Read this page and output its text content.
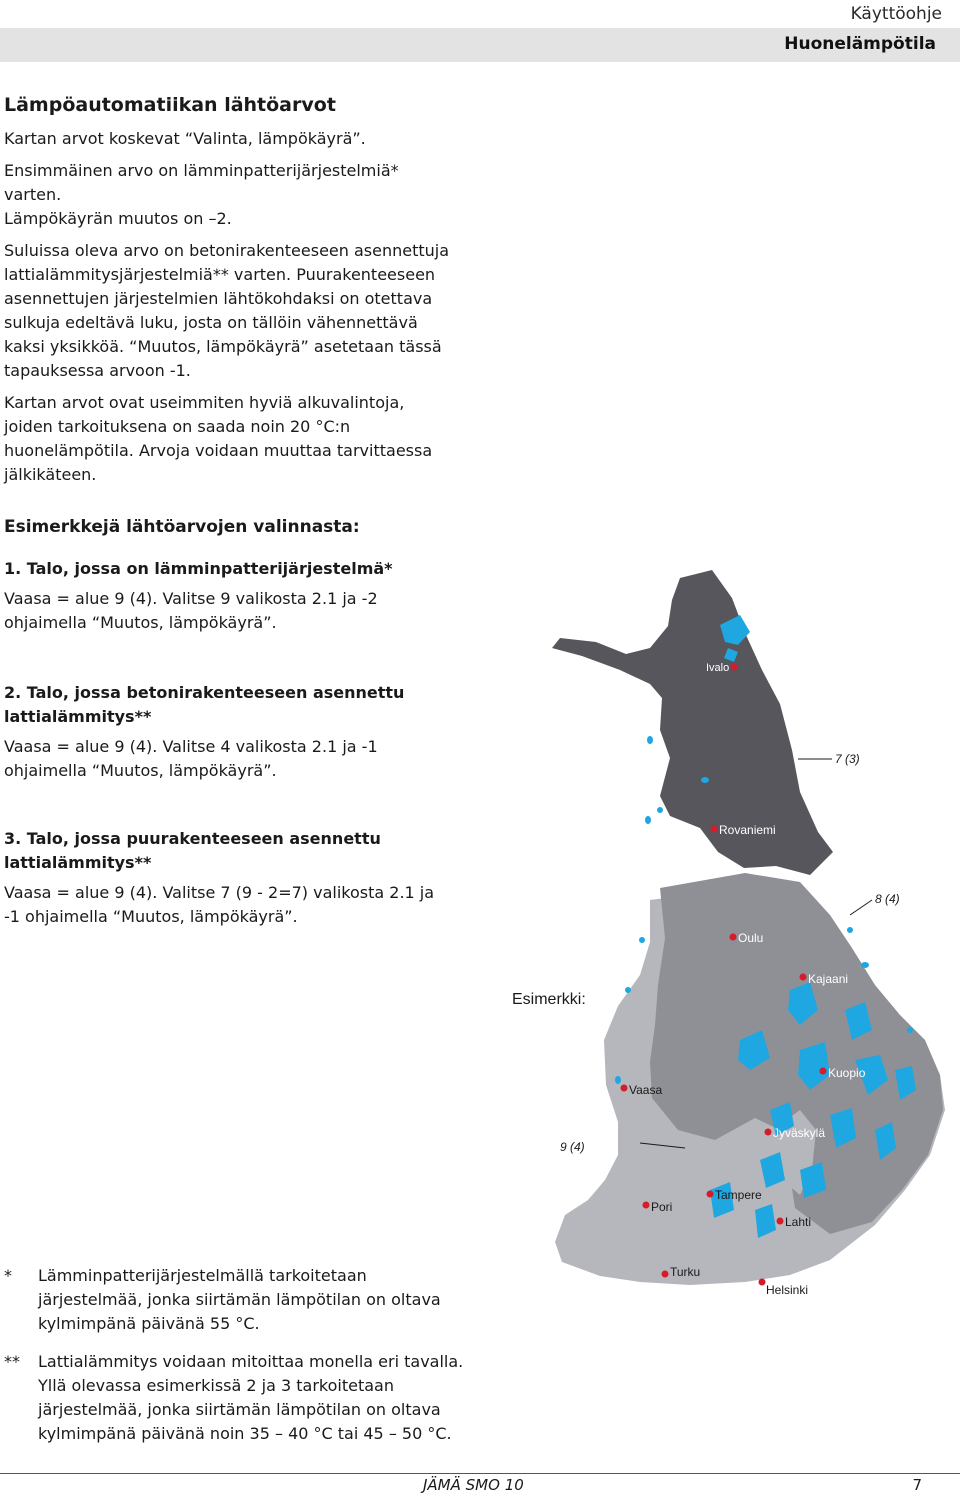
Käyttöohje
Huonelämpötila
Lämpöautomatiikan lähtöarvot

Kartan arvot koskevat “Valinta, lämpökäyrä”.

Ensimmäinen arvo on lämminpatterijärjestelmiä* varten.

Lämpökäyrän muutos on –2.

Suluissa oleva arvo on betonirakenteeseen asennettuja lattialämmitysjärjestelmiä** varten. Puurakenteeseen asennettujen järjestelmien lähtökohdaksi on otettava sulkuja edeltävä luku, josta on tällöin vähennettävä kaksi yksikköä. “Muutos, lämpökäyrä” asetetaan tässä tapauksessa arvoon -1.

Kartan arvot ovat useimmiten hyviä alkuvalintoja, joiden tarkoituksena on saada noin 20 °C:n huonelämpötila. Arvoja voidaan muuttaa tarvittaessa jälkikäteen.

Esimerkkejä lähtöarvojen valinnasta:
1. Talo, jossa on lämminpatterijärjestelmä*
Vaasa = alue 9 (4). Valitse 9 valikosta 2.1 ja -2 ohjaimella “Muutos, lämpökäyrä”.
2. Talo, jossa betonirakenteeseen asennettu lattialämmitys**
Vaasa = alue 9 (4). Valitse 4 valikosta 2.1 ja -1 ohjaimella “Muutos, lämpökäyrä”.
3. Talo, jossa puurakenteeseen asennettu lattialämmitys**
Vaasa = alue 9 (4). Valitse 7 (9 - 2=7) valikosta 2.1 ja -1 ohjaimella “Muutos, lämpökäyrä”.
*	Lämminpatterijärjestelmällä tarkoitetaan järjestelmää, jonka siirtämän lämpötilan on oltava kylmimpänä päivänä 55 °C.
**	Lattialämmitys voidaan mitoittaa monella eri tavalla. Yllä olevassa esimerkissä 2 ja 3 tarkoitetaan järjestelmää, jonka siirtämän lämpötilan on oltava kylmimpänä päivänä noin 35 – 40 °C tai 45 – 50 °C.
Ivalo
Rovaniemi
Oulu
Kajaani
Kuopio
Vaasa
Jyväskylä
Tampere
Pori
Lahti
Turku
Helsinki
7 (3)
8 (4)
9 (4)
Esimerkki:
JÄMÄ SMO 10	7
